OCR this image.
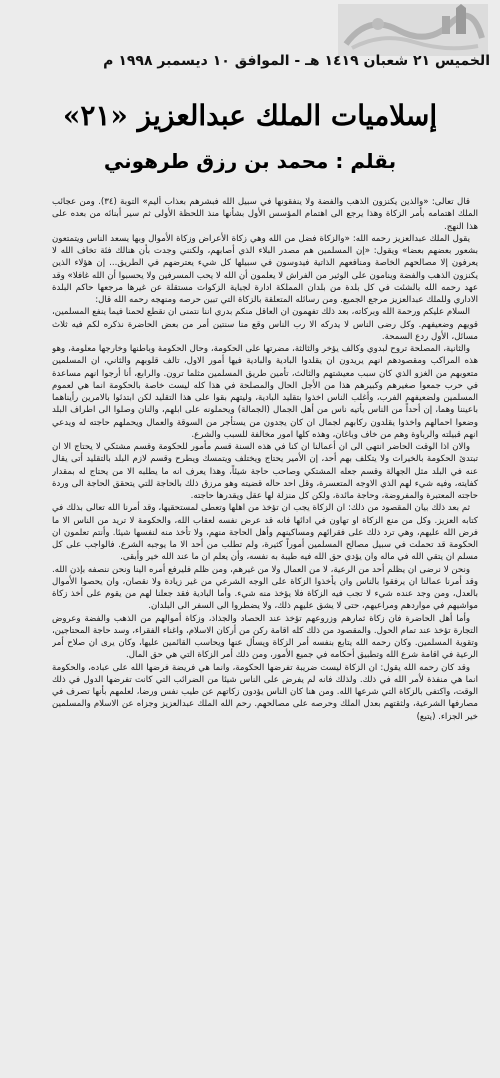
الخميس ٢١ شعبان ١٤١٩ هـ - الموافق ١٠ ديسمبر ١٩٩٨ م
إسلاميات الملك عبدالعزيز «٢١»
بقلم : محمد بن رزق طرهوني

قال تعالى: «والذين يكنزون الذهب والفضة ولا ينفقونها في سبيل الله فبشرهم بعذاب أليم» التوبة (٣٤). ومن عجائب الملك اهتمامه بأمر الزكاة وهذا يرجع الى اهتمام المؤسس الأول بشأنها منذ اللحظة الأولى ثم سير أبنائه من بعده على هذا النهج.

يقول الملك عبدالعزيز رحمه الله: «والزكاة فضل من الله وهي زكاة الأعراض وزكاة الأموال وبها يسعد الناس ويتمتعون بشعور بعضهم بعضا» ويقول: «إن المسلمين هم مصدر البلاء الذي أصابهم، ولكنني وجدت بأن هنالك فئة تخاف الله لا يعرفون إلا مصالحهم الخاصة ومنافعهم الذاتية فيدوسون في سبيلها كل شيء يعترضهم في الطريق... إن هؤلاء الذين يكنزون الذهب والفضة وينامون على الوثير من الفراش لا يعلمون أن الله لا يحب المسرفين ولا يحسبوا أن الله غافلا» وقد عهد رحمه الله بالشئت في كل بلدة من بلدان المملكة ادارة لجباية الزكوات مستقلة عن غيرها مرجعها حاكم البلدة الاداري وللملك عبدالعزيز مرجع الجميع. ومن رسائله المتعلقة بالزكاة التي تبين حرصه ومنهجه رحمه الله قال:

السلام عليكم ورحمة الله وبركاته، بعد ذلك تفهمون ان العاقل منكم بدري اننا نتمنى ان نقطع لحمنا فيما ينفع المسلمين، قويهم وضعيفهم. وكل رضى الناس لا يدركه الا رب الناس وقع منا سنتين أمر من بعض الحاضرة نذكره لكم فيه ثلاث مسائل، الأول ردع السمحة.

والثانية، المصلحة تروح لبدوي وكالف يؤخر والثالثة، مضرتها على الحكومة، وحال الحكومة وباطنها وخارجها معلومة، وهو هذه المراكب ومقصودهم انهم يريدون ان يقلدوا البادية والبادية فيها أمور الاول، تالف قلوبهم والثاني، ان المسلمين متعوبهم من الغزو الذي كان سبب معيشتهم والثالث، تأمين طريق المسلمين مثلما ترون. والرابع، أنا أرجوا انهم مساعدة في حرب جمعوا صغيرهم وكبيرهم هذا من الأجل الحال والمصلحة في هذا كله ليست خاصة بالحكومة انما هي لعموم المسلمين ولضعيفهم الفرب، وأغلب الناس اخذوا بتقليد البادية، وليتهم بقوا على هذا التقليد لكن ابتدئوا بالامرين رأيناهما باعيننا وهما، إن أحداً من الناس يأتيه ناس من أهل الجمال (الجمالة) ويحملونه على ابلهم، والنان وصلوا الى اطراف البلد وضعوا احمالهم واخذوا يقلدون ركابهم لجمال ان كان يجدون من يستأجر من السوقة والعمال ويحملهم حاجته له ويدعي انهم قبيلته والرباوة وهم من خاف وباغان، وهذه كلها امور مخالفة للسبب والشرع.

والان اذا الوقت الحاضر انتهى الى ان أعمالنا ان كنا في هذه السنة قسم مأمور للحكومة وقسم مشتكي لا يحتاج الا ان تبتدئ الحكومة بالخيرات ولا يتكلف بهم أحد، إن الأمير يحتاج ويختلف ويتمسك ويطرح وقسم لازم البلد بالتقليد أتى يقال عنه في البلد مثل الجهالة وقسم جعله المشتكي وصاحب حاجة شيئاً، وهذا يعرف انه ما يطلبه الا من يحتاج له بمقدار كفايته، وفيه شيء لهم الذي الاوجه المتعسرة، وقل احد حاله قضيته وهو مرزق ذلك بالحاجة للتي يتحقق الحاجة الى وردة حاجته المعتبرة والمفروضة، وحاجة مائدة، ولكن كل منزلة لها عقل ويقدرها حاجته.

ثم بعد ذلك بيان المقصود من ذلك: ان الزكاة يجب ان تؤخذ من اهلها وتعطى لمستحقيها، وقد أمرنا الله تعالى بذلك في كتابه العزيز. وكل من منع الزكاة او تهاون في ادائها فانه قد عرض نفسه لعقاب الله، والحكومة لا تريد من الناس الا ما فرض الله عليهم، وهي ترد ذلك على فقرائهم ومساكينهم وأهل الحاجة منهم، ولا تأخذ منه لنفسها شيئا. وأنتم تعلمون ان الحكومة قد تحملت في سبيل مصالح المسلمين أموراً كثيرة، ولم تطلب من أحد الا ما يوجبه الشرع. فالواجب على كل مسلم ان يتقي الله في ماله وان يؤدي حق الله فيه طيبة به نفسه، وأن يعلم ان ما عند الله خير وأبقى.

ونحن لا نرضى ان يظلم أحد من الرعية، لا من العمال ولا من غيرهم، ومن ظلم فليرفع أمره الينا ونحن ننصفه بإذن الله. وقد أمرنا عمالنا ان يرفقوا بالناس وان يأخذوا الزكاة على الوجه الشرعي من غير زيادة ولا نقصان، وان يحصوا الأموال بالعدل، ومن وجد عنده شيء لا تجب فيه الزكاة فلا يؤخذ منه شيء. وأما البادية فقد جعلنا لهم من يقوم على أخذ زكاة مواشيهم في مواردهم ومراعيهم، حتى لا يشق عليهم ذلك، ولا يضطروا الى السفر الى البلدان.

وأما أهل الحاضرة فان زكاة ثمارهم وزروعهم تؤخذ عند الحصاد والجذاذ، وزكاة أموالهم من الذهب والفضة وعروض التجارة تؤخذ عند تمام الحول. والمقصود من ذلك كله اقامة ركن من أركان الاسلام، واغناء الفقراء، وسد حاجة المحتاجين، وتقوية المسلمين. وكان رحمه الله يتابع بنفسه أمر الزكاة ويسأل عنها ويحاسب القائمين عليها، وكان يرى ان صلاح أمر الرعية في اقامة شرع الله وتطبيق أحكامه في جميع الأمور، ومن ذلك أمر الزكاة التي هي حق المال.

وقد كان رحمه الله يقول: ان الزكاة ليست ضريبة تفرضها الحكومة، وانما هي فريضة فرضها الله على عباده، والحكومة انما هي منفذة لأمر الله في ذلك. ولذلك فانه لم يفرض على الناس شيئا من الضرائب التي كانت تفرضها الدول في ذلك الوقت، واكتفى بالزكاة التي شرعها الله. ومن هنا كان الناس يؤدون زكاتهم عن طيب نفس ورضا، لعلمهم بأنها تصرف في مصارفها الشرعية، ولثقتهم بعدل الملك وحرصه على مصالحهم. رحم الله الملك عبدالعزيز وجزاه عن الاسلام والمسلمين خير الجزاء. (يتبع)
